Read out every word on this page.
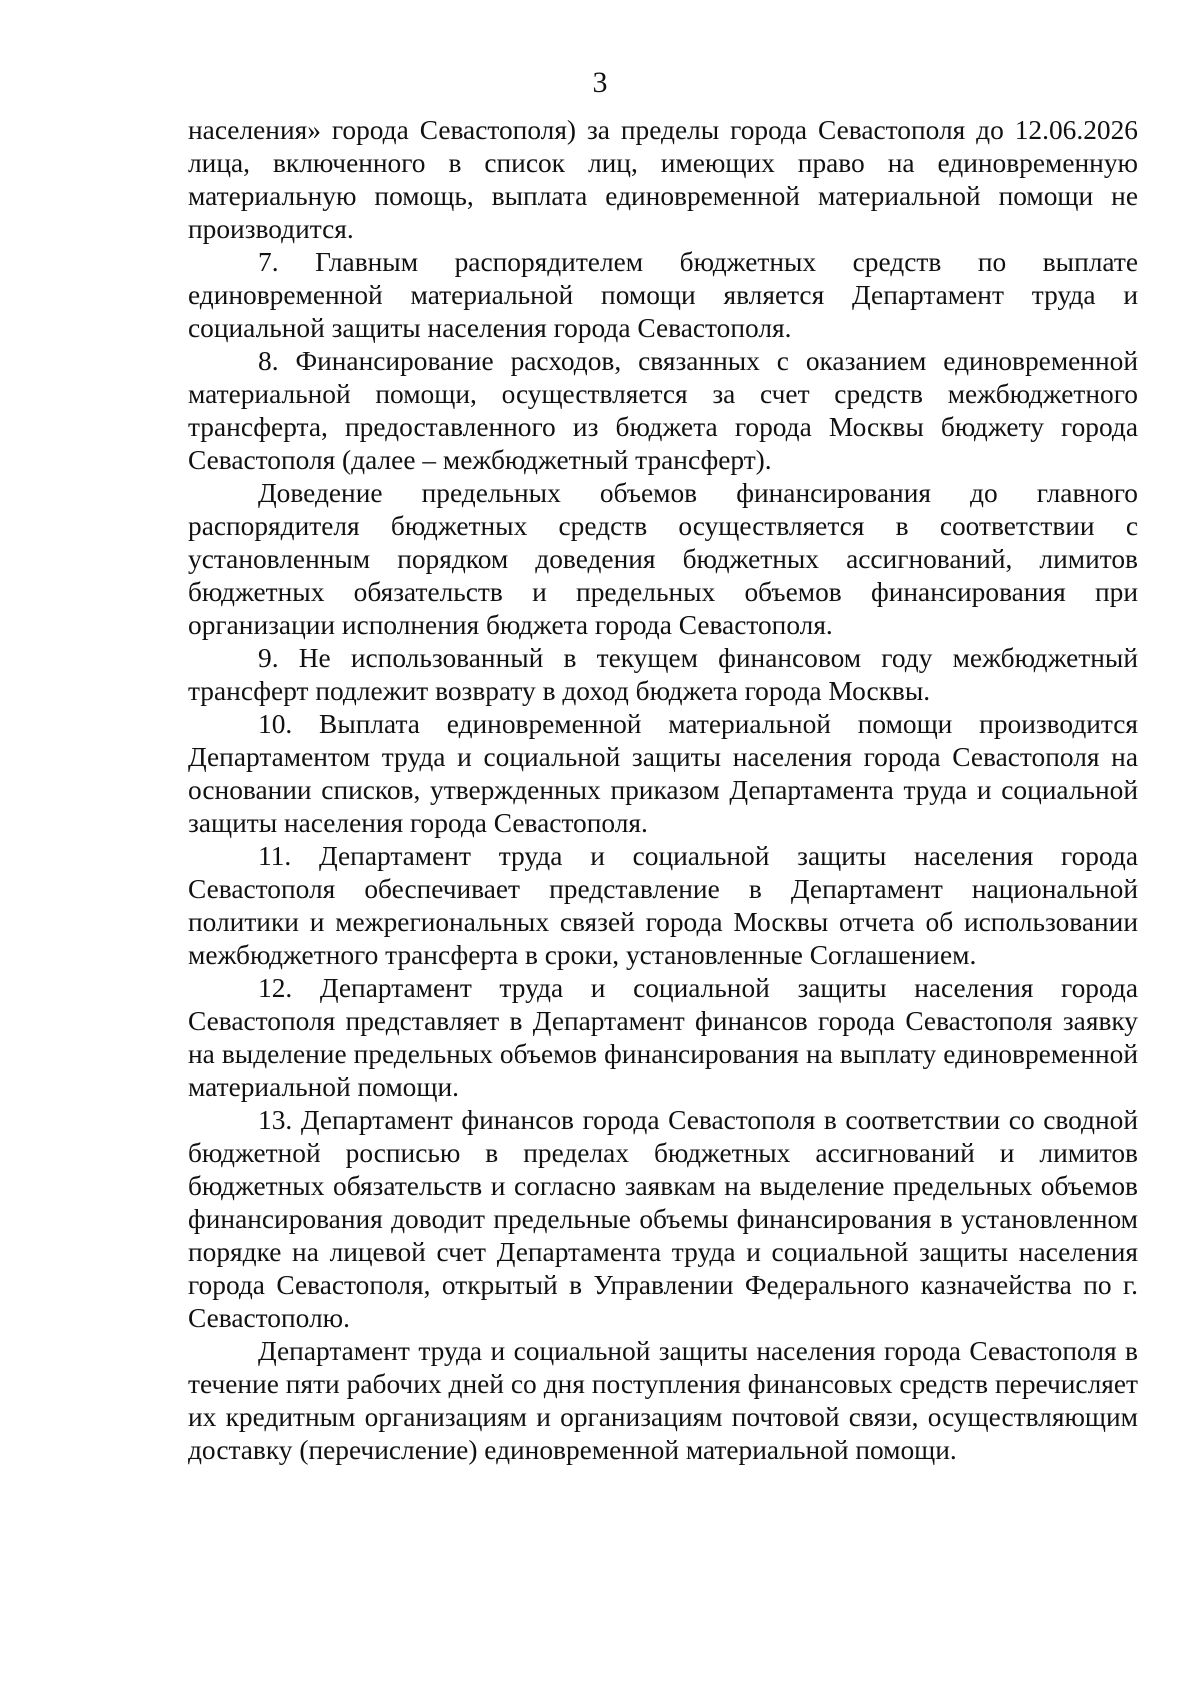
3

населения» города Севастополя) за пределы города Севастополя до 12.06.2026 лица, включенного в список лиц, имеющих право на единовременную материальную помощь, выплата единовременной материальной помощи не производится.

7. Главным распорядителем бюджетных средств по выплате единовременной материальной помощи является Департамент труда и социальной защиты населения города Севастополя.

8. Финансирование расходов, связанных с оказанием единовременной материальной помощи, осуществляется за счет средств межбюджетного трансферта, предоставленного из бюджета города Москвы бюджету города Севастополя (далее – межбюджетный трансферт).

Доведение предельных объемов финансирования до главного распорядителя бюджетных средств осуществляется в соответствии с установленным порядком доведения бюджетных ассигнований, лимитов бюджетных обязательств и предельных объемов финансирования при организации исполнения бюджета города Севастополя.

9. Не использованный в текущем финансовом году межбюджетный трансферт подлежит возврату в доход бюджета города Москвы.

10. Выплата единовременной материальной помощи производится Департаментом труда и социальной защиты населения города Севастополя на основании списков, утвержденных приказом Департамента труда и социальной защиты населения города Севастополя.

11. Департамент труда и социальной защиты населения города Севастополя обеспечивает представление в Департамент национальной политики и межрегиональных связей города Москвы отчета об использовании межбюджетного трансферта в сроки, установленные Соглашением.

12. Департамент труда и социальной защиты населения города Севастополя представляет в Департамент финансов города Севастополя заявку на выделение предельных объемов финансирования на выплату единовременной материальной помощи.

13. Департамент финансов города Севастополя в соответствии со сводной бюджетной росписью в пределах бюджетных ассигнований и лимитов бюджетных обязательств и согласно заявкам на выделение предельных объемов финансирования доводит предельные объемы финансирования в установленном порядке на лицевой счет Департамента труда и социальной защиты населения города Севастополя, открытый в Управлении Федерального казначейства по г. Севастополю.

Департамент труда и социальной защиты населения города Севастополя в течение пяти рабочих дней со дня поступления финансовых средств перечисляет их кредитным организациям и организациям почтовой связи, осуществляющим доставку (перечисление) единовременной материальной помощи.
